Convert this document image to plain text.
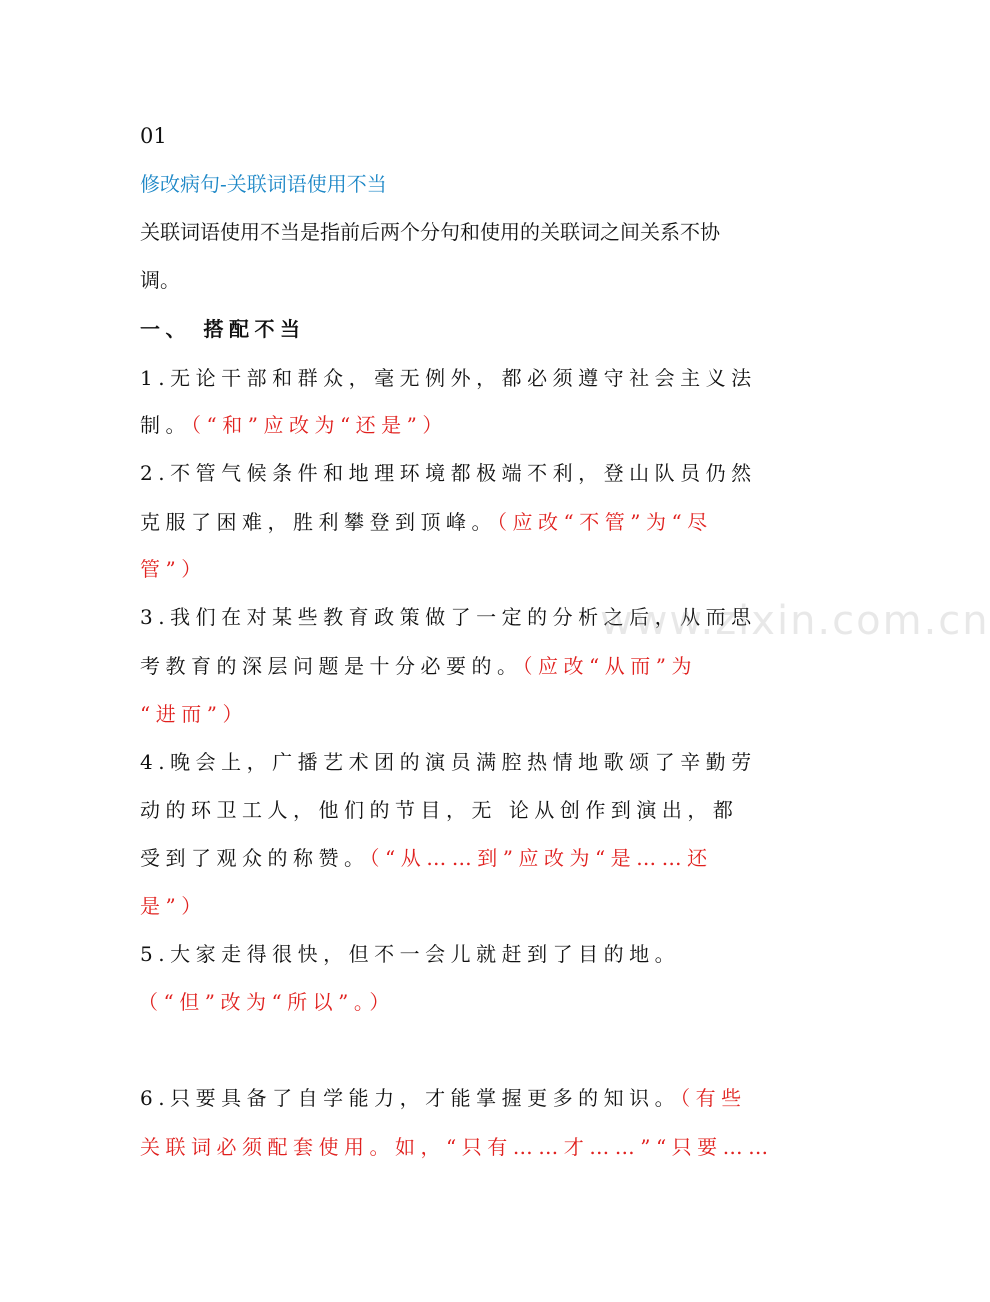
01
修改病句-关联词语使用不当
关联词语使用不当是指前后两个分句和使用的关联词之间关系不协
调。
一、 搭配不当
1.无论干部和群众，毫无例外，都必须遵守社会主义法
制。（“和”应改为“还是”）
2.不管气候条件和地理环境都极端不利，登山队员仍然
克服了困难，胜利攀登到顶峰。（应改“不管”为“尽
管”）
3.我们在对某些教育政策做了一定的分析之后，从而思
考教育的深层问题是十分必要的。（应改“从而”为
“进而”）
4.晚会上，广播艺术团的演员满腔热情地歌颂了辛勤劳
动的环卫工人，他们的节目，无 论从创作到演出，都
受到了观众的称赞。（“从……到”应改为“是……还
是”）
5.大家走得很快，但不一会儿就赶到了目的地。
（“但”改为“所以”。）
6.只要具备了自学能力，才能掌握更多的知识。（有些
关联词必须配套使用。如，“只有……才……”“只要……
www.zixin.com.cn
